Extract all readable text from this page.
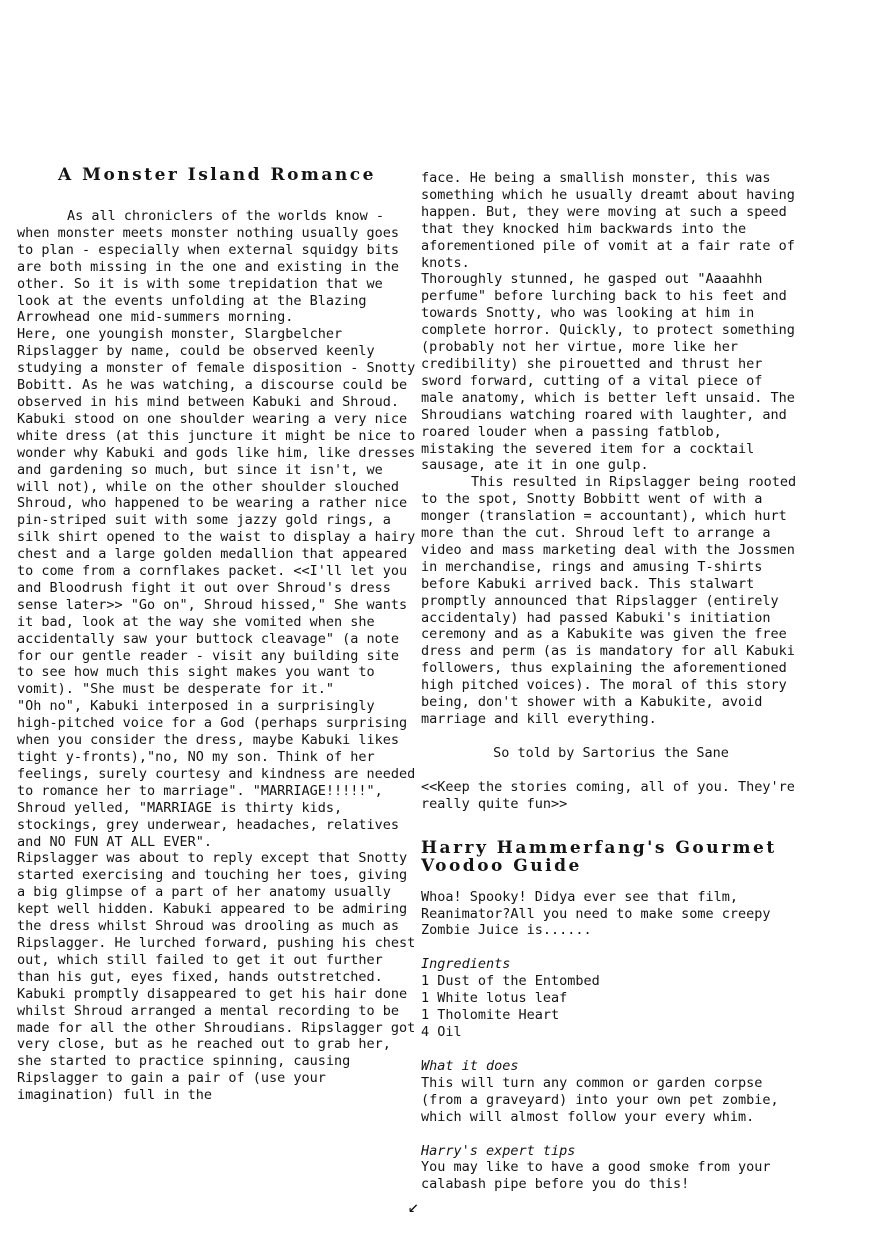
A Monster Island Romance

As all chroniclers of the worlds know - when monster meets monster nothing usually goes to plan - especially when external squidgy bits are both missing in the one and existing in the other. So it is with some trepidation that we look at the events unfolding at the Blazing Arrowhead one mid-summers morning.

Here, one youngish monster, Slargbelcher Ripslagger by name, could be observed keenly studying a monster of female disposition - Snotty Bobitt. As he was watching, a discourse could be observed in his mind between Kabuki and Shroud. Kabuki stood on one shoulder wearing a very nice white dress (at this juncture it might be nice to wonder why Kabuki and gods like him, like dresses and gardening so much, but since it isn't, we will not), while on the other shoulder slouched Shroud, who happened to be wearing a rather nice pin-striped suit with some jazzy gold rings, a silk shirt opened to the waist to display a hairy chest and a large golden medallion that appeared to come from a cornflakes packet. <<I'll let you and Bloodrush fight it out over Shroud's dress sense later>> "Go on", Shroud hissed," She wants it bad, look at the way she vomited when she accidentally saw your buttock cleavage" (a note for our gentle reader - visit any building site to see how much this sight makes you want to vomit). "She must be desperate for it."

"Oh no", Kabuki interposed in a surprisingly high-pitched voice for a God (perhaps surprising when you consider the dress, maybe Kabuki likes tight y-fronts),"no, NO my son. Think of her feelings, surely courtesy and kindness are needed to romance her to marriage". "MARRIAGE!!!!!", Shroud yelled, "MARRIAGE is thirty kids, stockings, grey underwear, headaches, relatives and NO FUN AT ALL EVER".

Ripslagger was about to reply except that Snotty started exercising and touching her toes, giving a big glimpse of a part of her anatomy usually kept well hidden. Kabuki appeared to be admiring the dress whilst Shroud was drooling as much as Ripslagger. He lurched forward, pushing his chest out, which still failed to get it out further than his gut, eyes fixed, hands outstretched. Kabuki promptly disappeared to get his hair done whilst Shroud arranged a mental recording to be made for all the other Shroudians. Ripslagger got very close, but as he reached out to grab her, she started to practice spinning, causing Ripslagger to gain a pair of (use your imagination) full in the

face. He being a smallish monster, this was something which he usually dreamt about having happen. But, they were moving at such a speed that they knocked him backwards into the aforementioned pile of vomit at a fair rate of knots.

Thoroughly stunned, he gasped out "Aaaahhh perfume" before lurching back to his feet and towards Snotty, who was looking at him in complete horror. Quickly, to protect something (probably not her virtue, more like her credibility) she pirouetted and thrust her sword forward, cutting of a vital piece of male anatomy, which is better left unsaid. The Shroudians watching roared with laughter, and roared louder when a passing fatblob, mistaking the severed item for a cocktail sausage, ate it in one gulp.

This resulted in Ripslagger being rooted to the spot, Snotty Bobbitt went of with a monger (translation = accountant), which hurt more than the cut. Shroud left to arrange a video and mass marketing deal with the Jossmen in merchandise, rings and amusing T-shirts before Kabuki arrived back. This stalwart promptly announced that Ripslagger (entirely accidentaly) had passed Kabuki's initiation ceremony and as a Kabukite was given the free dress and perm (as is mandatory for all Kabuki followers, thus explaining the aforementioned high pitched voices). The moral of this story being, don't shower with a Kabukite, avoid marriage and kill everything.

So told by Sartorius the Sane

<<Keep the stories coming, all of you. They're really quite fun>>

Harry Hammerfang's Gourmet Voodoo Guide

Whoa! Spooky! Didya ever see that film, Reanimator?All you need to make some creepy Zombie Juice is......

Ingredients

1 Dust of the Entombed
1 White lotus leaf
1 Tholomite Heart
4 Oil

What it does

This will turn any common or garden corpse (from a graveyard) into your own pet zombie, which will almost follow your every whim.

Harry's expert tips

You may like to have a good smoke from your calabash pipe before you do this!

↙
